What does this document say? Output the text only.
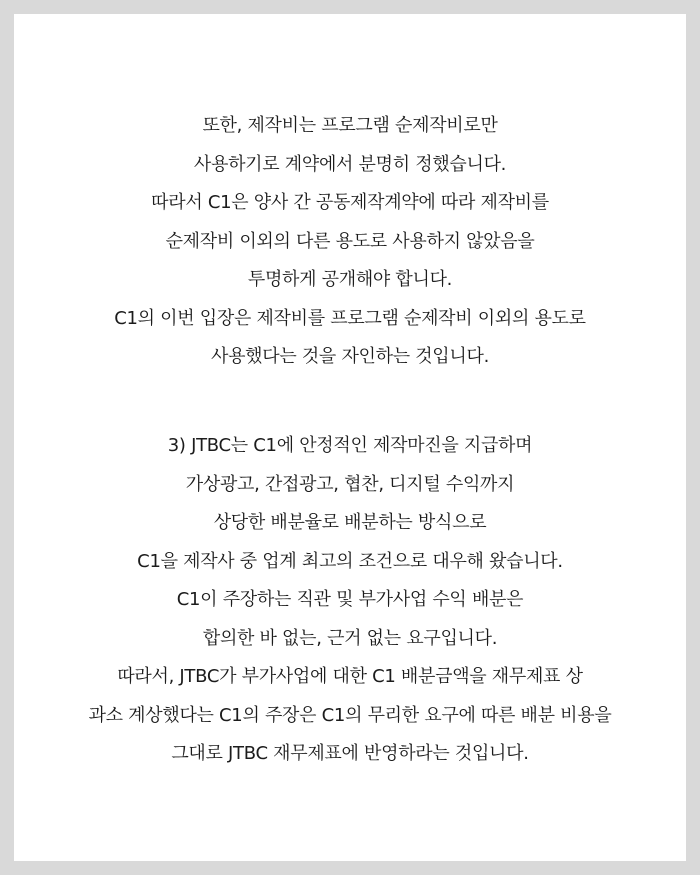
또한, 제작비는 프로그램 순제작비로만
사용하기로 계약에서 분명히 정했습니다.
따라서 C1은 양사 간 공동제작계약에 따라 제작비를
순제작비 이외의 다른 용도로 사용하지 않았음을
투명하게 공개해야 합니다.
C1의 이번 입장은 제작비를 프로그램 순제작비 이외의 용도로
사용했다는 것을 자인하는 것입니다.
3) JTBC는 C1에 안정적인 제작마진을 지급하며
가상광고, 간접광고, 협찬, 디지털 수익까지
상당한 배분율로 배분하는 방식으로
C1을 제작사 중 업계 최고의 조건으로 대우해 왔습니다.
C1이 주장하는 직관 및 부가사업 수익 배분은
합의한 바 없는, 근거 없는 요구입니다.
따라서, JTBC가 부가사업에 대한 C1 배분금액을 재무제표 상
과소 계상했다는 C1의 주장은 C1의 무리한 요구에 따른 배분 비용을
그대로 JTBC 재무제표에 반영하라는 것입니다.
